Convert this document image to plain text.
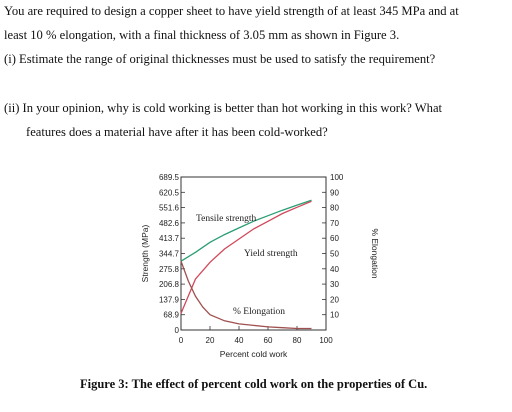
You are required to design a copper sheet to have yield strength of at least 345 MPa and at
least 10 % elongation, with a final thickness of 3.05 mm as shown in Figure 3.
(i) Estimate the range of original thicknesses must be used to satisfy the requirement?
(ii) In your opinion, why is cold working is better than hot working in this work? What
features does a material have after it has been cold-worked?
0
68.9
137.9
206.8
275.8
344.7
413.7
482.6
551.6
620.5
689.5
10
20
30
40
50
60
70
80
90
100
0	20	40	60	80 100
Percent cold work
Strength (MPa)	% Elongation
Tensile strength
Yield strength
% Elongation
Figure 3: The effect of percent cold work on the properties of Cu.
